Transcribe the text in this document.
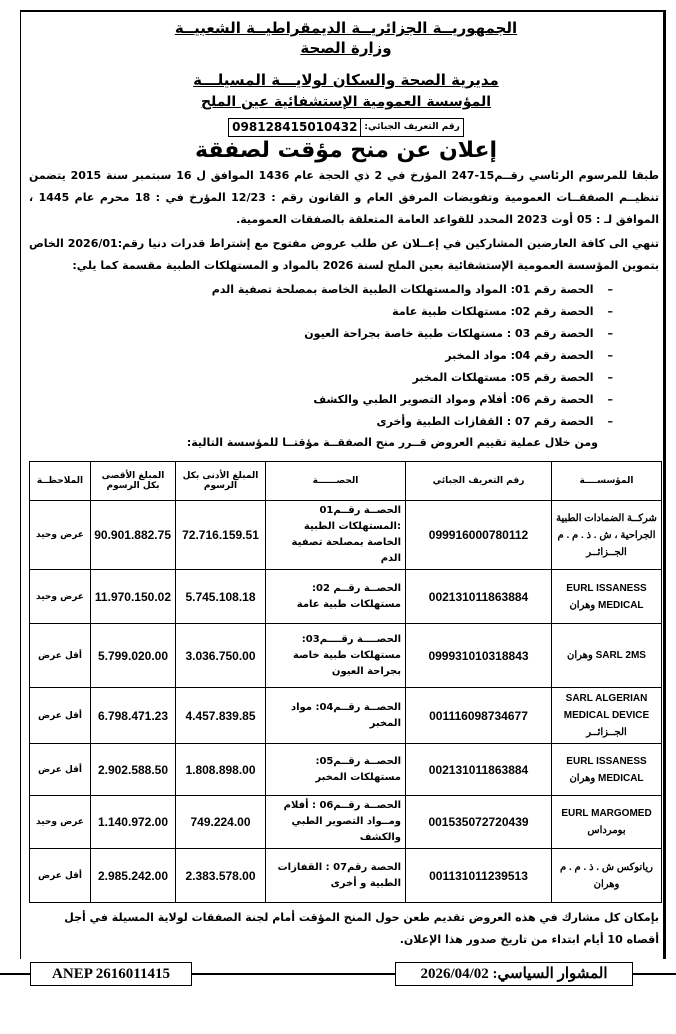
الجمهوريــة الجزائريــة الديمقراطيــة الشعبيــة
وزارة الصحة
مديرية الصحة والسكان لولايـــة المسيلـــة
المؤسسة العمومية الإستشفائية عين الملح
رقم التعريف الجبائي:
098128415010432
إعلان عن منح مؤقت لصفقة
طبقا للمرسوم الرئاسي رقــم15-247 المؤرخ في 2 ذي الحجة عام 1436 الموافق ل 16 سبتمبر سنة 2015 يتضمن تنظيــم الصفقــات العمومية وتفويضات المرفق العام و القانون رقم : 12/23 المؤرخ في : 18 محرم عام 1445 ، الموافق لـ : 05 أوت 2023 المحدد للقواعد العامة المتعلقة بالصفقات العمومية.
تنهي الى كافة العارضين المشاركين في إعــلان عن طلب عروض مفتوح مع إشتراط قدرات دنيا رقم:2026/01 الخاص بتموين المؤسسة العمومية الإستشفائية بعين الملح لسنة 2026 بالمواد و المستهلكات الطبية مقسمة كما يلي:
– الحصة رقم 01: المواد والمستهلكات الطبية الخاصة بمصلحة تصفية الدم
– الحصة رقم 02: مستهلكات طبية عامة
– الحصة رقم 03 : مستهلكات طبية خاصة بجراحة العيون
– الحصة رقم 04: مواد المخبر
– الحصة رقم 05: مستهلكات المخبر
– الحصة رقم 06: أفلام ومواد التصوير الطبي والكشف
– الحصة رقم 07 : القفازات الطبية وأخرى
ومن خلال عملية تقييم العروض قــرر منح الصفقــة مؤقتــا للمؤسسة التالية:
المؤسســــة	رقم التعريف الجبائي	الحصــــــة	المبلغ الأدنى بكل الرسوم	المبلغ الأقصى بكل الرسوم	الملاحظــة
شركــة الضمادات الطبية الجراحية ، ش . ذ . م . م الجــزائــر	099916000780112	الحصــة رقــم01 :المستهلكات الطبية الخاصة بمصلحة تصفية الدم	72.716.159.51	90.901.882.75	عرض وحيد
EURL ISSANESS MEDICAL وهران	002131011863884	الحصــة رقــم 02: مستهلكات طبية عامة	5.745.108.18	11.970.150.02	عرض وحيد
SARL 2MS وهران	099931010318843	الحصــــة رقــــم03: مستهلكات طبية خاصة بجراحة العيون	3.036.750.00	5.799.020.00	أقل عرض
SARL ALGERIAN MEDICAL DEVICE الجــزائــر	001116098734677	الحصــة رقــم04: مواد المخبر	4.457.839.85	6.798.471.23	أقل عرض
EURL ISSANESS MEDICAL وهران	002131011863884	الحصــة رقــم05: مستهلكات المخبر	1.808.898.00	2.902.588.50	أقل عرض
EURL MARGOMED بومرداس	001535072720439	الحصــة رقــم06 : أفلام ومــواد التصوير الطبي والكشف	749.224.00	1.140.972.00	عرض وحيد
ريانوكس ش . ذ . م . م وهران	001131011239513	الحصة رقم07 : القفازات الطبية و أخرى	2.383.578.00	2.985.242.00	أقل عرض
بإمكان كل مشارك في هذه العروض تقديم طعن حول المنح المؤقت أمام لجنة الصفقات لولاية المسيلة في أجل أقصاه 10 أيام ابتداء من تاريخ صدور هذا الإعلان.
ANEP 2616011415	المشوار السياسي: 2026/04/02
